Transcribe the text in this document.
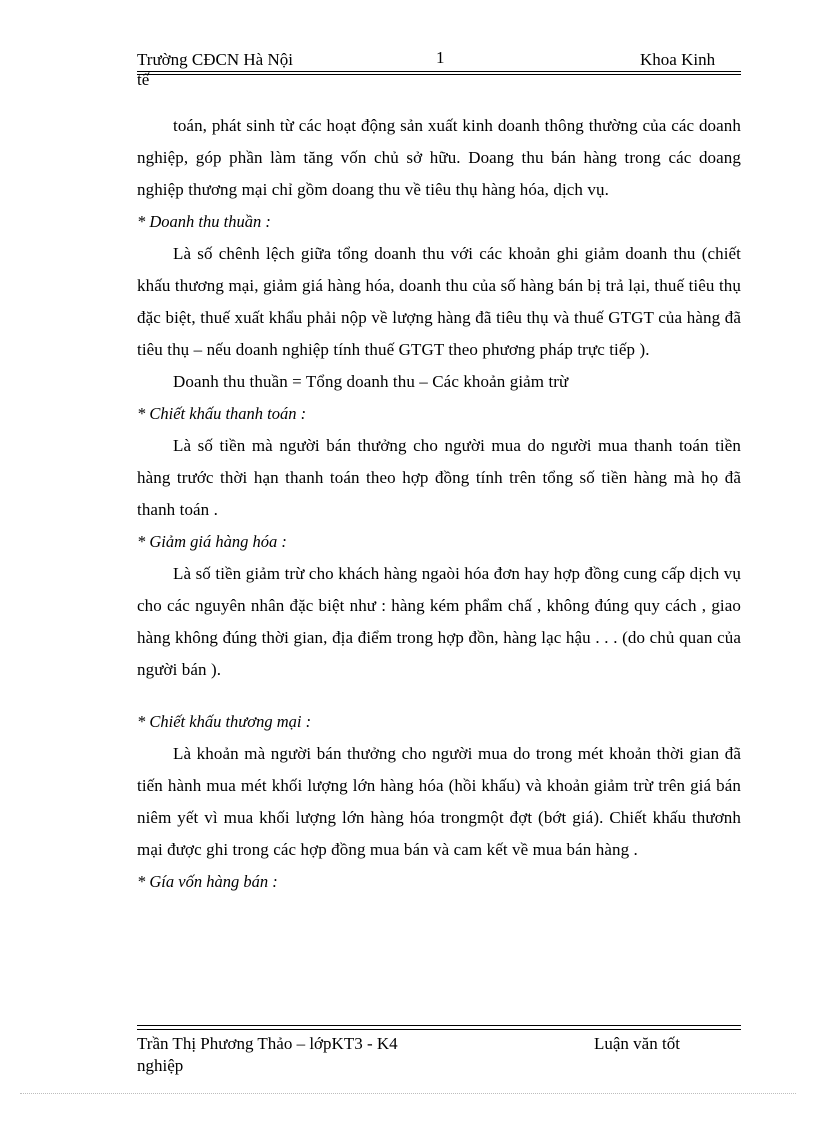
Trường CĐCN Hà Nội	1	Khoa Kinh
tế

toán, phát sinh từ các hoạt động sản xuất kinh doanh thông thường của các doanh nghiệp, góp phần làm tăng vốn chủ sở hữu. Doang thu bán hàng trong các doang nghiệp thương mại chỉ gồm doang thu về tiêu thụ hàng hóa, dịch vụ.

* Doanh thu thuần :

Là số chênh lệch giữa tổng doanh thu với các khoản ghi giảm doanh thu (chiết khấu thương mại, giảm giá hàng hóa, doanh thu của số hàng bán bị trả lại, thuế tiêu thụ đặc biệt, thuế xuất khẩu phải nộp về lượng hàng đã tiêu thụ và thuế GTGT của hàng đã tiêu thụ – nếu doanh nghiệp tính thuế GTGT theo phương pháp trực tiếp ).

Doanh thu thuần = Tổng doanh thu – Các khoản giảm trừ

* Chiết khấu thanh toán :

Là số tiền mà người bán thưởng cho người mua do người mua thanh toán tiền hàng trước thời hạn thanh toán theo hợp đồng tính trên tổng số tiền hàng mà họ đã thanh toán .

* Giảm giá hàng hóa :

Là số tiền giảm trừ cho khách hàng ngaòi hóa đơn hay hợp đồng cung cấp dịch vụ cho các nguyên nhân đặc biệt như : hàng kém phẩm chấ , không đúng quy cách , giao hàng không đúng thời gian, địa điểm trong hợp đồn, hàng lạc hậu . . . (do chủ quan của người bán ).

* Chiết khấu thương mại :

Là khoản mà người bán thưởng cho người mua do trong mét khoản thời gian đã tiến hành mua mét khối lượng lớn hàng hóa (hồi khấu) và khoản giảm trừ trên giá bán niêm yết vì mua khối lượng lớn hàng hóa trongmột đợt (bớt giá). Chiết khấu thươnh mại được ghi trong các hợp đồng mua bán và cam kết về mua bán hàng .

* Gía vốn hàng bán :

Trần Thị Phương Thảo – lớpKT3 - K4	Luận văn tốt
nghiệp
